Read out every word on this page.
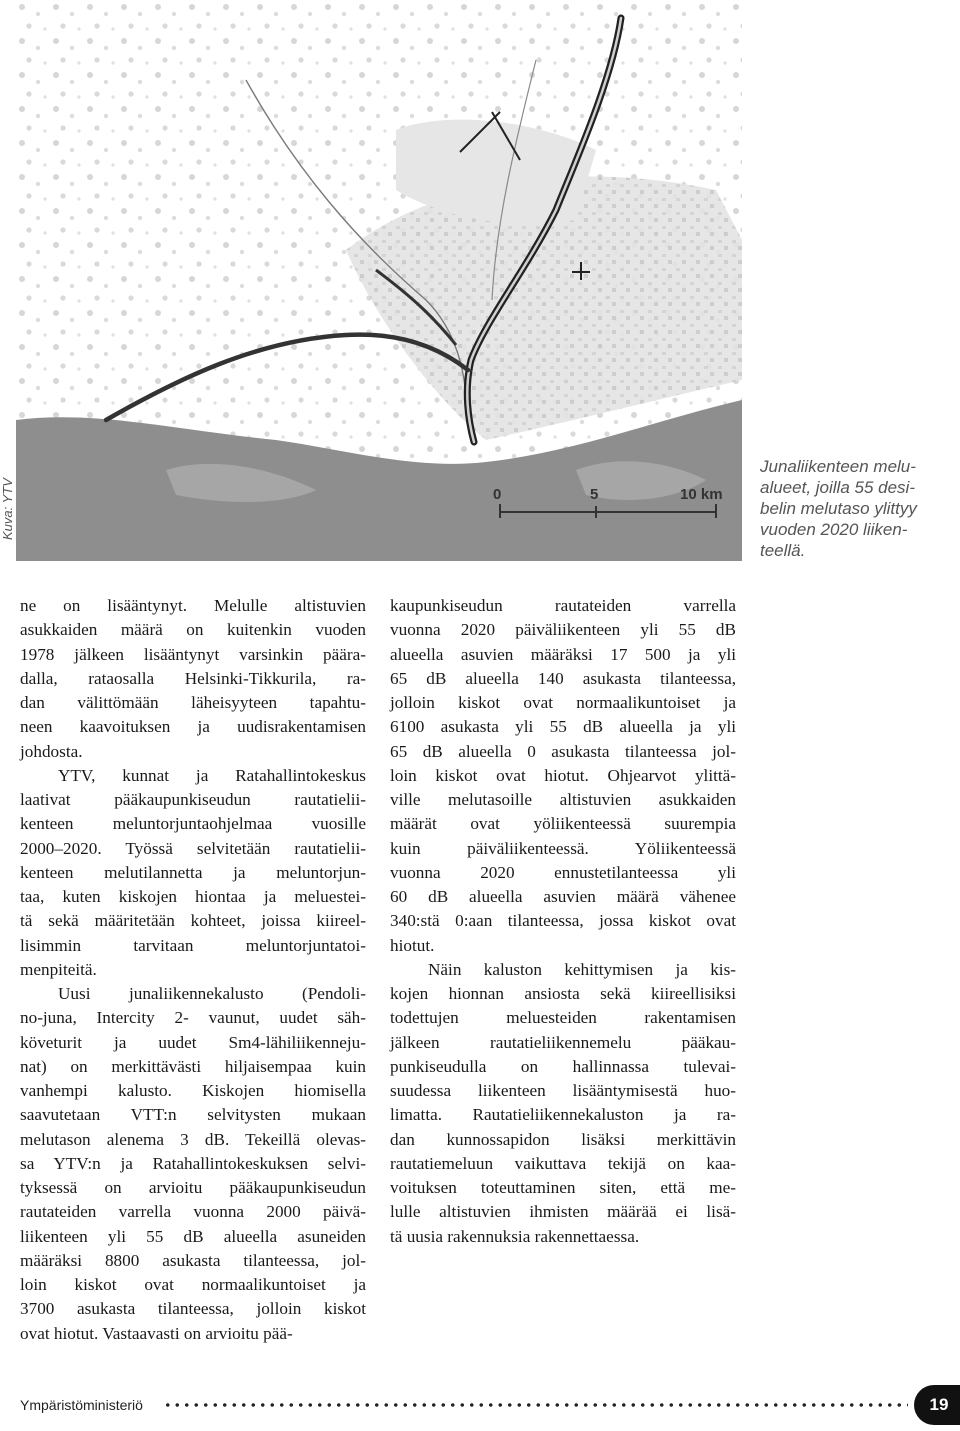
Kuva: YTV	0	5	10 km
Junaliikenteen melu-
alueet, joilla 55 desi-
belin melutaso ylittyy
vuoden 2020 liiken-
teellä.

ne on lisääntynyt. Melulle altistuvien
asukkaiden määrä on kuitenkin vuoden
1978 jälkeen lisääntynyt varsinkin päära-
dalla, rataosalla Helsinki-Tikkurila, ra-
dan välittömään läheisyyteen tapahtu-
neen kaavoituksen ja uudisrakentamisen
johdosta.

YTV, kunnat ja Ratahallintokeskus
laativat pääkaupunkiseudun rautatielii-
kenteen meluntorjuntaohjelmaa vuosille
2000–2020. Työssä selvitetään rautatielii-
kenteen melutilannetta ja meluntorjun-
taa, kuten kiskojen hiontaa ja meluestei-
tä sekä määritetään kohteet, joissa kiireel-
lisimmin tarvitaan meluntorjuntatoi-
menpiteitä.

Uusi junaliikennekalusto (Pendoli-
no-juna, Intercity 2- vaunut, uudet säh-
követurit ja uudet Sm4-lähiliikenneju-
nat) on merkittävästi hiljaisempaa kuin
vanhempi kalusto. Kiskojen hiomisella
saavutetaan VTT:n selvitysten mukaan
melutason alenema 3 dB. Tekeillä olevas-
sa YTV:n ja Ratahallintokeskuksen selvi-
tyksessä on arvioitu pääkaupunkiseudun
rautateiden varrella vuonna 2000 päivä-
liikenteen yli 55 dB alueella asuneiden
määräksi 8800 asukasta tilanteessa, jol-
loin kiskot ovat normaalikuntoiset ja
3700 asukasta tilanteessa, jolloin kiskot
ovat hiotut. Vastaavasti on arvioitu pää-

kaupunkiseudun rautateiden varrella
vuonna 2020 päiväliikenteen yli 55 dB
alueella asuvien määräksi 17 500 ja yli
65 dB alueella 140 asukasta tilanteessa,
jolloin kiskot ovat normaalikuntoiset ja
6100 asukasta yli 55 dB alueella ja yli
65 dB alueella 0 asukasta tilanteessa jol-
loin kiskot ovat hiotut. Ohjearvot ylittä-
ville melutasoille altistuvien asukkaiden
määrät ovat yöliikenteessä suurempia
kuin päiväliikenteessä. Yöliikenteessä
vuonna 2020 ennustetilanteessa yli
60 dB alueella asuvien määrä vähenee
340:stä 0:aan tilanteessa, jossa kiskot ovat
hiotut.

Näin kaluston kehittymisen ja kis-
kojen hionnan ansiosta sekä kiireellisiksi
todettujen meluesteiden rakentamisen
jälkeen rautatieliikennemelu pääkau-
punkiseudulla on hallinnassa tulevai-
suudessa liikenteen lisääntymisestä huo-
limatta. Rautatieliikennekaluston ja ra-
dan kunnossapidon lisäksi merkittävin
rautatiemeluun vaikuttava tekijä on kaa-
voituksen toteuttaminen siten, että me-
lulle altistuvien ihmisten määrää ei lisä-
tä uusia rakennuksia rakennettaessa.

Ympäristöministeriö	19
